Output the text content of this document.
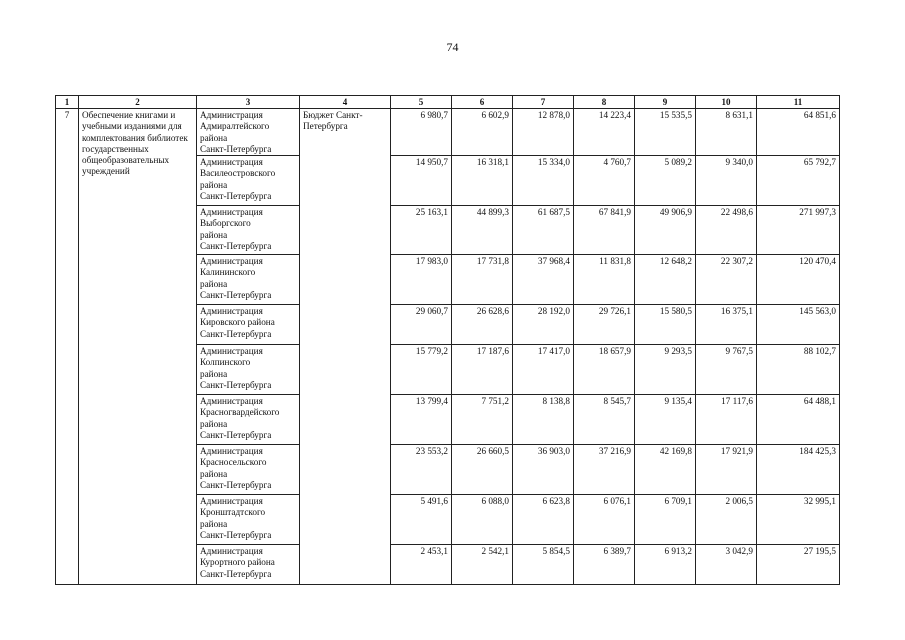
74
1	2	3	4	5	6	7	8	9	10	11
7	Обеспечение книгами и учебными изданиями для комплектования библиотек государственных общеобразовательных учреждений	Администрация
Адмиралтейского
района
Санкт-Петербурга	Бюджет Санкт-Петербурга	6 980,7	6 602,9	12 878,0	14 223,4	15 535,5	8 631,1	64 851,6

		Администрация
Василеостровского
района
Санкт-Петербурга		14 950,7	16 318,1	15 334,0	4 760,7	5 089,2	9 340,0	65 792,7

		Администрация
Выборгского
района
Санкт-Петербурга		25 163,1	44 899,3	61 687,5	67 841,9	49 906,9	22 498,6	271 997,3

		Администрация
Калининского
района
Санкт-Петербурга		17 983,0	17 731,8	37 968,4	11 831,8	12 648,2	22 307,2	120 470,4

		Администрация
Кировского района
Санкт-Петербурга		29 060,7	26 628,6	28 192,0	29 726,1	15 580,5	16 375,1	145 563,0

		Администрация
Колпинского
района
Санкт-Петербурга		15 779,2	17 187,6	17 417,0	18 657,9	9 293,5	9 767,5	88 102,7

		Администрация
Красногвардейского
района
Санкт-Петербурга		13 799,4	7 751,2	8 138,8	8 545,7	9 135,4	17 117,6	64 488,1

		Администрация
Красносельского
района
Санкт-Петербурга		23 553,2	26 660,5	36 903,0	37 216,9	42 169,8	17 921,9	184 425,3

		Администрация
Кронштадтского
района
Санкт-Петербурга		5 491,6	6 088,0	6 623,8	6 076,1	6 709,1	2 006,5	32 995,1

		Администрация
Курортного района
Санкт-Петербурга		2 453,1	2 542,1	5 854,5	6 389,7	6 913,2	3 042,9	27 195,5
